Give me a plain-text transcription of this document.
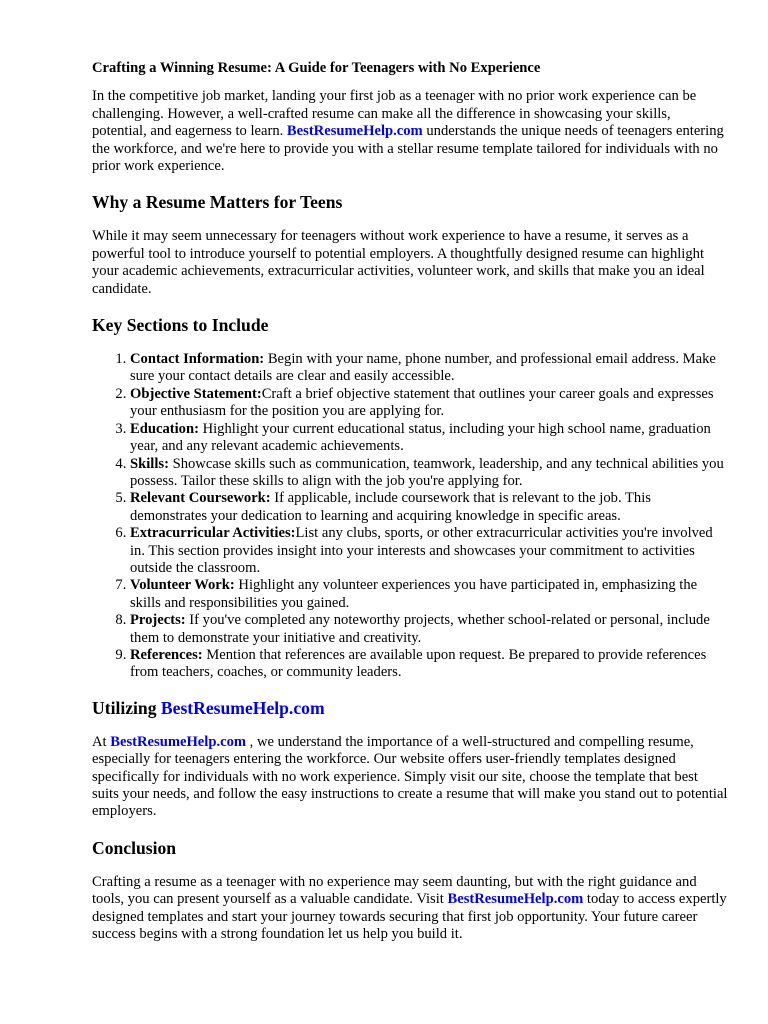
Crafting a Winning Resume: A Guide for Teenagers with No Experience

In the competitive job market, landing your first job as a teenager with no prior work experience can be challenging. However, a well-crafted resume can make all the difference in showcasing your skills, potential, and eagerness to learn. BestResumeHelp.com understands the unique needs of teenagers entering the workforce, and we're here to provide you with a stellar resume template tailored for individuals with no prior work experience.

Why a Resume Matters for Teens

While it may seem unnecessary for teenagers without work experience to have a resume, it serves as a powerful tool to introduce yourself to potential employers. A thoughtfully designed resume can highlight your academic achievements, extracurricular activities, volunteer work, and skills that make you an ideal candidate.

Key Sections to Include
1. Contact Information: Begin with your name, phone number, and professional email address. Make sure your contact details are clear and easily accessible.
2. Objective Statement:Craft a brief objective statement that outlines your career goals and expresses your enthusiasm for the position you are applying for.
3. Education: Highlight your current educational status, including your high school name, graduation year, and any relevant academic achievements.
4. Skills: Showcase skills such as communication, teamwork, leadership, and any technical abilities you possess. Tailor these skills to align with the job you're applying for.
5. Relevant Coursework: If applicable, include coursework that is relevant to the job. This demonstrates your dedication to learning and acquiring knowledge in specific areas.
6. Extracurricular Activities:List any clubs, sports, or other extracurricular activities you're involved in. This section provides insight into your interests and showcases your commitment to activities outside the classroom.
7. Volunteer Work: Highlight any volunteer experiences you have participated in, emphasizing the skills and responsibilities you gained.
8. Projects: If you've completed any noteworthy projects, whether school-related or personal, include them to demonstrate your initiative and creativity.
9. References: Mention that references are available upon request. Be prepared to provide references from teachers, coaches, or community leaders.
Utilizing BestResumeHelp.com

At BestResumeHelp.com , we understand the importance of a well-structured and compelling resume, especially for teenagers entering the workforce. Our website offers user-friendly templates designed specifically for individuals with no work experience. Simply visit our site, choose the template that best suits your needs, and follow the easy instructions to create a resume that will make you stand out to potential employers.

Conclusion

Crafting a resume as a teenager with no experience may seem daunting, but with the right guidance and tools, you can present yourself as a valuable candidate. Visit BestResumeHelp.com today to access expertly designed templates and start your journey towards securing that first job opportunity. Your future career success begins with a strong foundation let us help you build it.
